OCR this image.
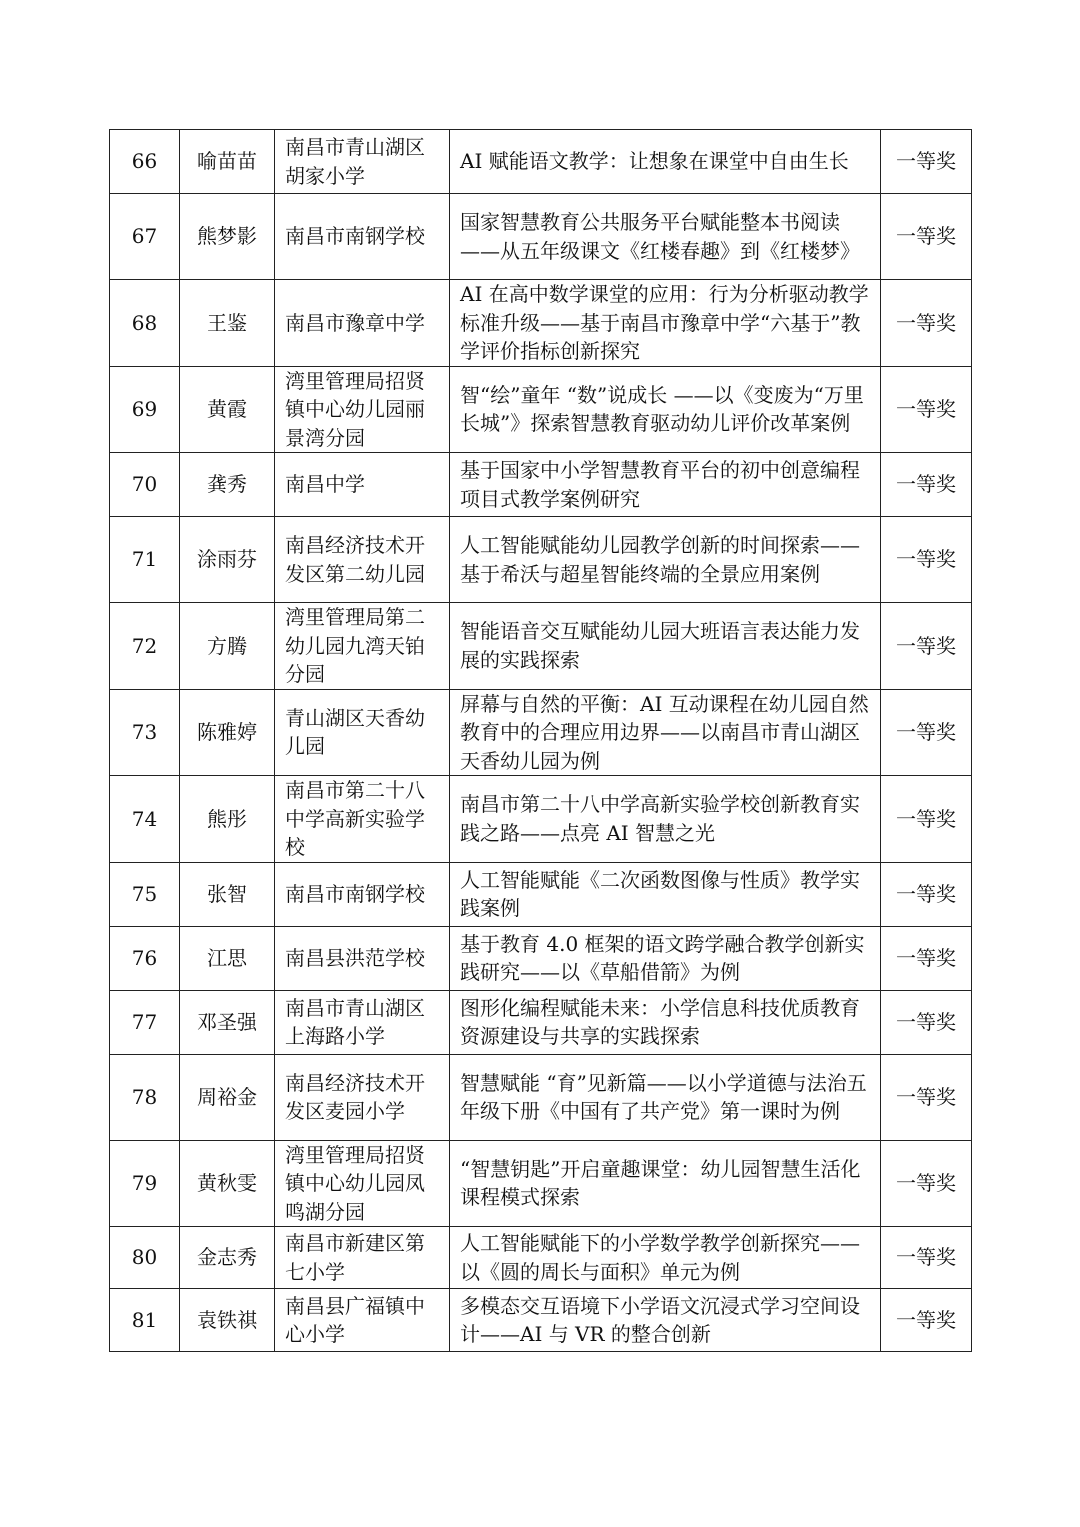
66	喻苗苗	南昌市青山湖区胡家小学	AI 赋能语文教学：让想象在课堂中自由生长	一等奖
67	熊梦影	南昌市南钢学校	国家智慧教育公共服务平台赋能整本书阅读——从五年级课文《红楼春趣》到《红楼梦》	一等奖
68	王鉴	南昌市豫章中学	AI 在高中数学课堂的应用：行为分析驱动教学标准升级——基于南昌市豫章中学“六基于”教学评价指标创新探究	一等奖
69	黄霞	湾里管理局招贤镇中心幼儿园丽景湾分园	智“绘”童年 “数”说成长 ——以《变废为“万里长城”》探索智慧教育驱动幼儿评价改革案例	一等奖
70	龚秀	南昌中学	基于国家中小学智慧教育平台的初中创意编程项目式教学案例研究	一等奖
71	涂雨芬	南昌经济技术开发区第二幼儿园	人工智能赋能幼儿园教学创新的时间探索——基于希沃与超星智能终端的全景应用案例	一等奖
72	方腾	湾里管理局第二幼儿园九湾天铂分园	智能语音交互赋能幼儿园大班语言表达能力发展的实践探索	一等奖
73	陈雅婷	青山湖区天香幼儿园	屏幕与自然的平衡：AI 互动课程在幼儿园自然教育中的合理应用边界——以南昌市青山湖区天香幼儿园为例	一等奖
74	熊彤	南昌市第二十八中学高新实验学校	南昌市第二十八中学高新实验学校创新教育实践之路——点亮 AI 智慧之光	一等奖
75	张智	南昌市南钢学校	人工智能赋能《二次函数图像与性质》教学实践案例	一等奖
76	江思	南昌县洪范学校	基于教育 4.0 框架的语文跨学融合教学创新实践研究——以《草船借箭》为例	一等奖
77	邓圣强	南昌市青山湖区上海路小学	图形化编程赋能未来：小学信息科技优质教育资源建设与共享的实践探索	一等奖
78	周裕金	南昌经济技术开发区麦园小学	智慧赋能 “育”见新篇——以小学道德与法治五年级下册《中国有了共产党》第一课时为例	一等奖
79	黄秋雯	湾里管理局招贤镇中心幼儿园凤鸣湖分园	“智慧钥匙”开启童趣课堂：幼儿园智慧生活化课程模式探索	一等奖
80	金志秀	南昌市新建区第七小学	人工智能赋能下的小学数学教学创新探究——以《圆的周长与面积》单元为例	一等奖
81	袁铁祺	南昌县广福镇中心小学	多模态交互语境下小学语文沉浸式学习空间设计——AI 与 VR 的整合创新	一等奖
